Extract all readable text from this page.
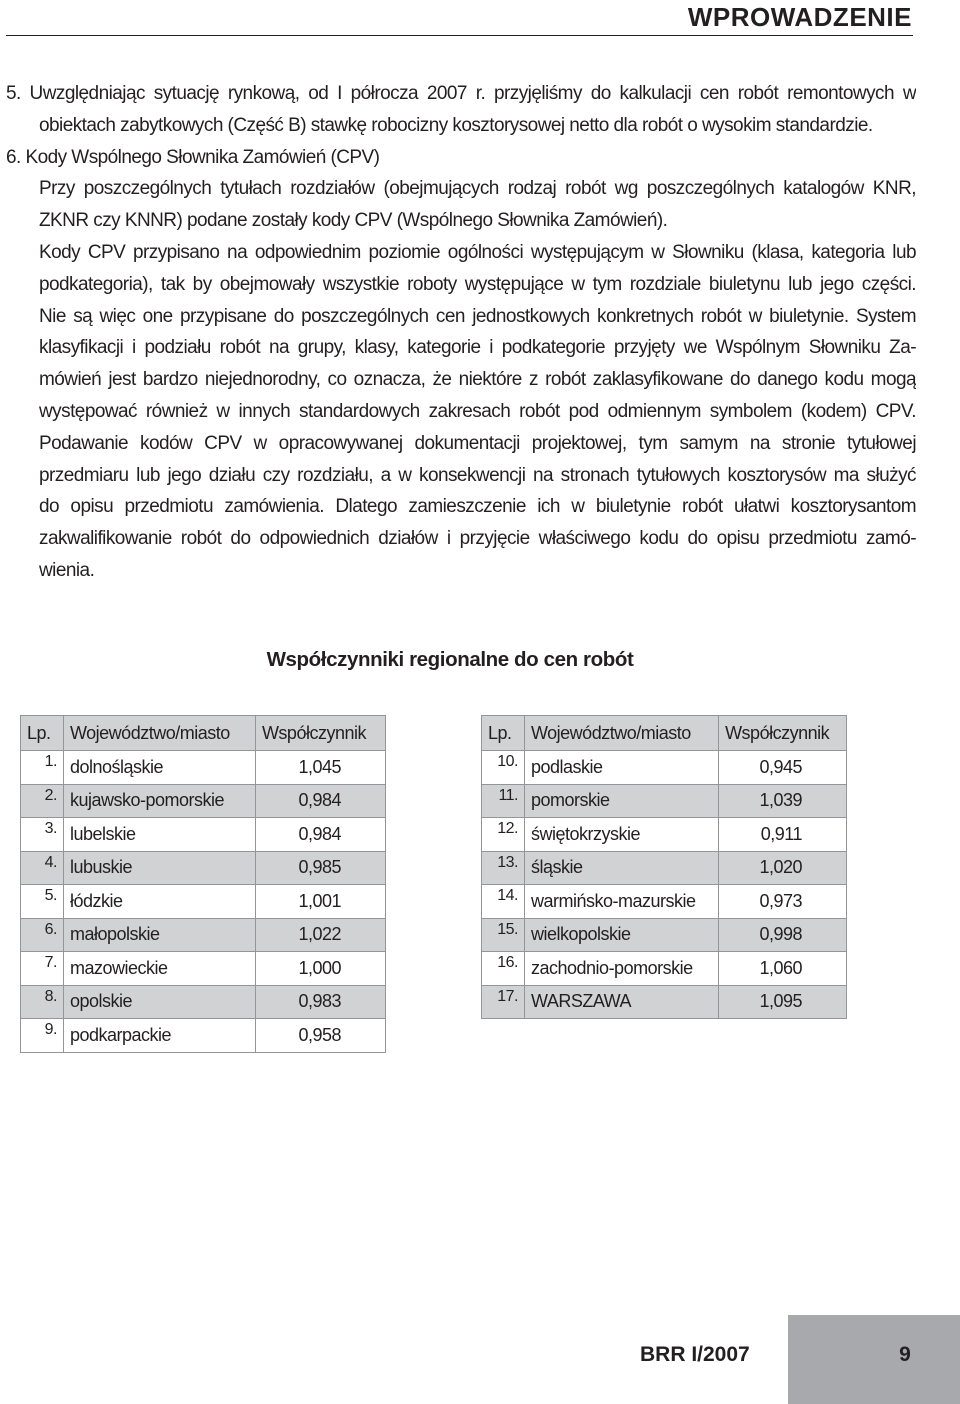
WPROWADZENIE
5. Uwzględniając sytuację rynkową, od I półrocza 2007 r. przyjęliśmy do kalkulacji cen robót remontowych w
obiektach zabytkowych (Część B) stawkę robocizny kosztorysowej netto dla robót o wysokim standardzie.
6. Kody Wspólnego Słownika Zamówień (CPV)
Przy poszczególnych tytułach rozdziałów (obejmujących rodzaj robót wg poszczególnych katalogów KNR,
ZKNR czy KNNR) podane zostały kody CPV (Wspólnego Słownika Zamówień).
Kody CPV przypisano na odpowiednim poziomie ogólności występującym w Słowniku (klasa, kategoria lub
podkategoria), tak by obejmowały wszystkie roboty występujące w tym rozdziale biuletynu lub jego części.
Nie są więc one przypisane do poszczególnych cen jednostkowych konkretnych robót w biuletynie. System
klasyfikacji i podziału robót na grupy, klasy, kategorie i podkategorie przyjęty we Wspólnym Słowniku Za-
mówień jest bardzo niejednorodny, co oznacza, że niektóre z robót zaklasyfikowane do danego kodu mogą
występować również w innych standardowych zakresach robót pod odmiennym symbolem (kodem) CPV.
Podawanie kodów CPV w opracowywanej dokumentacji projektowej, tym samym na stronie tytułowej
przedmiaru lub jego działu czy rozdziału, a w konsekwencji na stronach tytułowych kosztorysów ma służyć
do opisu przedmiotu zamówienia. Dlatego zamieszczenie ich w biuletynie robót ułatwi kosztorysantom
zakwalifikowanie robót do odpowiednich działów i przyjęcie właściwego kodu do opisu przedmiotu zamó-
wienia.
Współczynniki regionalne do cen robót
Lp.	Województwo/miasto	Współczynnik
1.	dolnośląskie	1,045
2.	kujawsko-pomorskie	0,984
3.	lubelskie	0,984
4.	lubuskie	0,985
5.	łódzkie	1,001
6.	małopolskie	1,022
7.	mazowieckie	1,000
8.	opolskie	0,983
9.	podkarpackie	0,958
Lp.	Województwo/miasto	Współczynnik
10.	podlaskie	0,945
11.	pomorskie	1,039
12.	świętokrzyskie	0,911
13.	śląskie	1,020
14.	warmińsko-mazurskie	0,973
15.	wielkopolskie	0,998
16.	zachodnio-pomorskie	1,060
17.	WARSZAWA	1,095
BRR I/2007	9
